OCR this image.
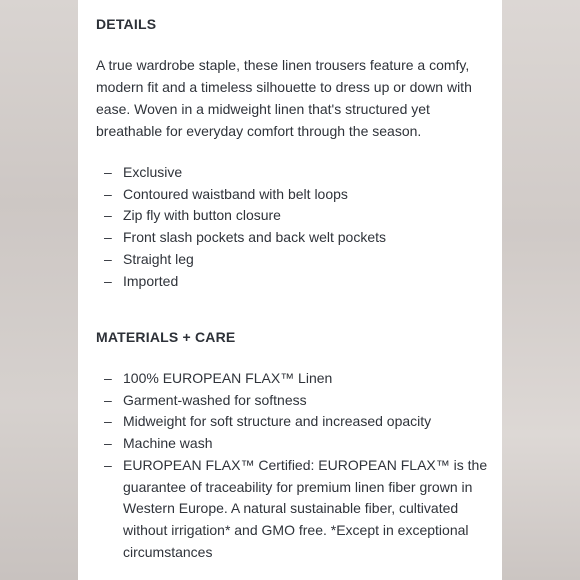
DETAILS

A true wardrobe staple, these linen trousers feature a comfy, modern fit and a timeless silhouette to dress up or down with ease. Woven in a midweight linen that's structured yet breathable for everyday comfort through the season.

– Exclusive
– Contoured waistband with belt loops
– Zip fly with button closure
– Front slash pockets and back welt pockets
– Straight leg
– Imported
MATERIALS + CARE
– 100% EUROPEAN FLAX™ Linen
– Garment-washed for softness
– Midweight for soft structure and increased opacity
– Machine wash
– EUROPEAN FLAX™ Certified: EUROPEAN FLAX™ is the guarantee of traceability for premium linen fiber grown in Western Europe. A natural sustainable fiber, cultivated without irrigation* and GMO free. *Except in exceptional circumstances
